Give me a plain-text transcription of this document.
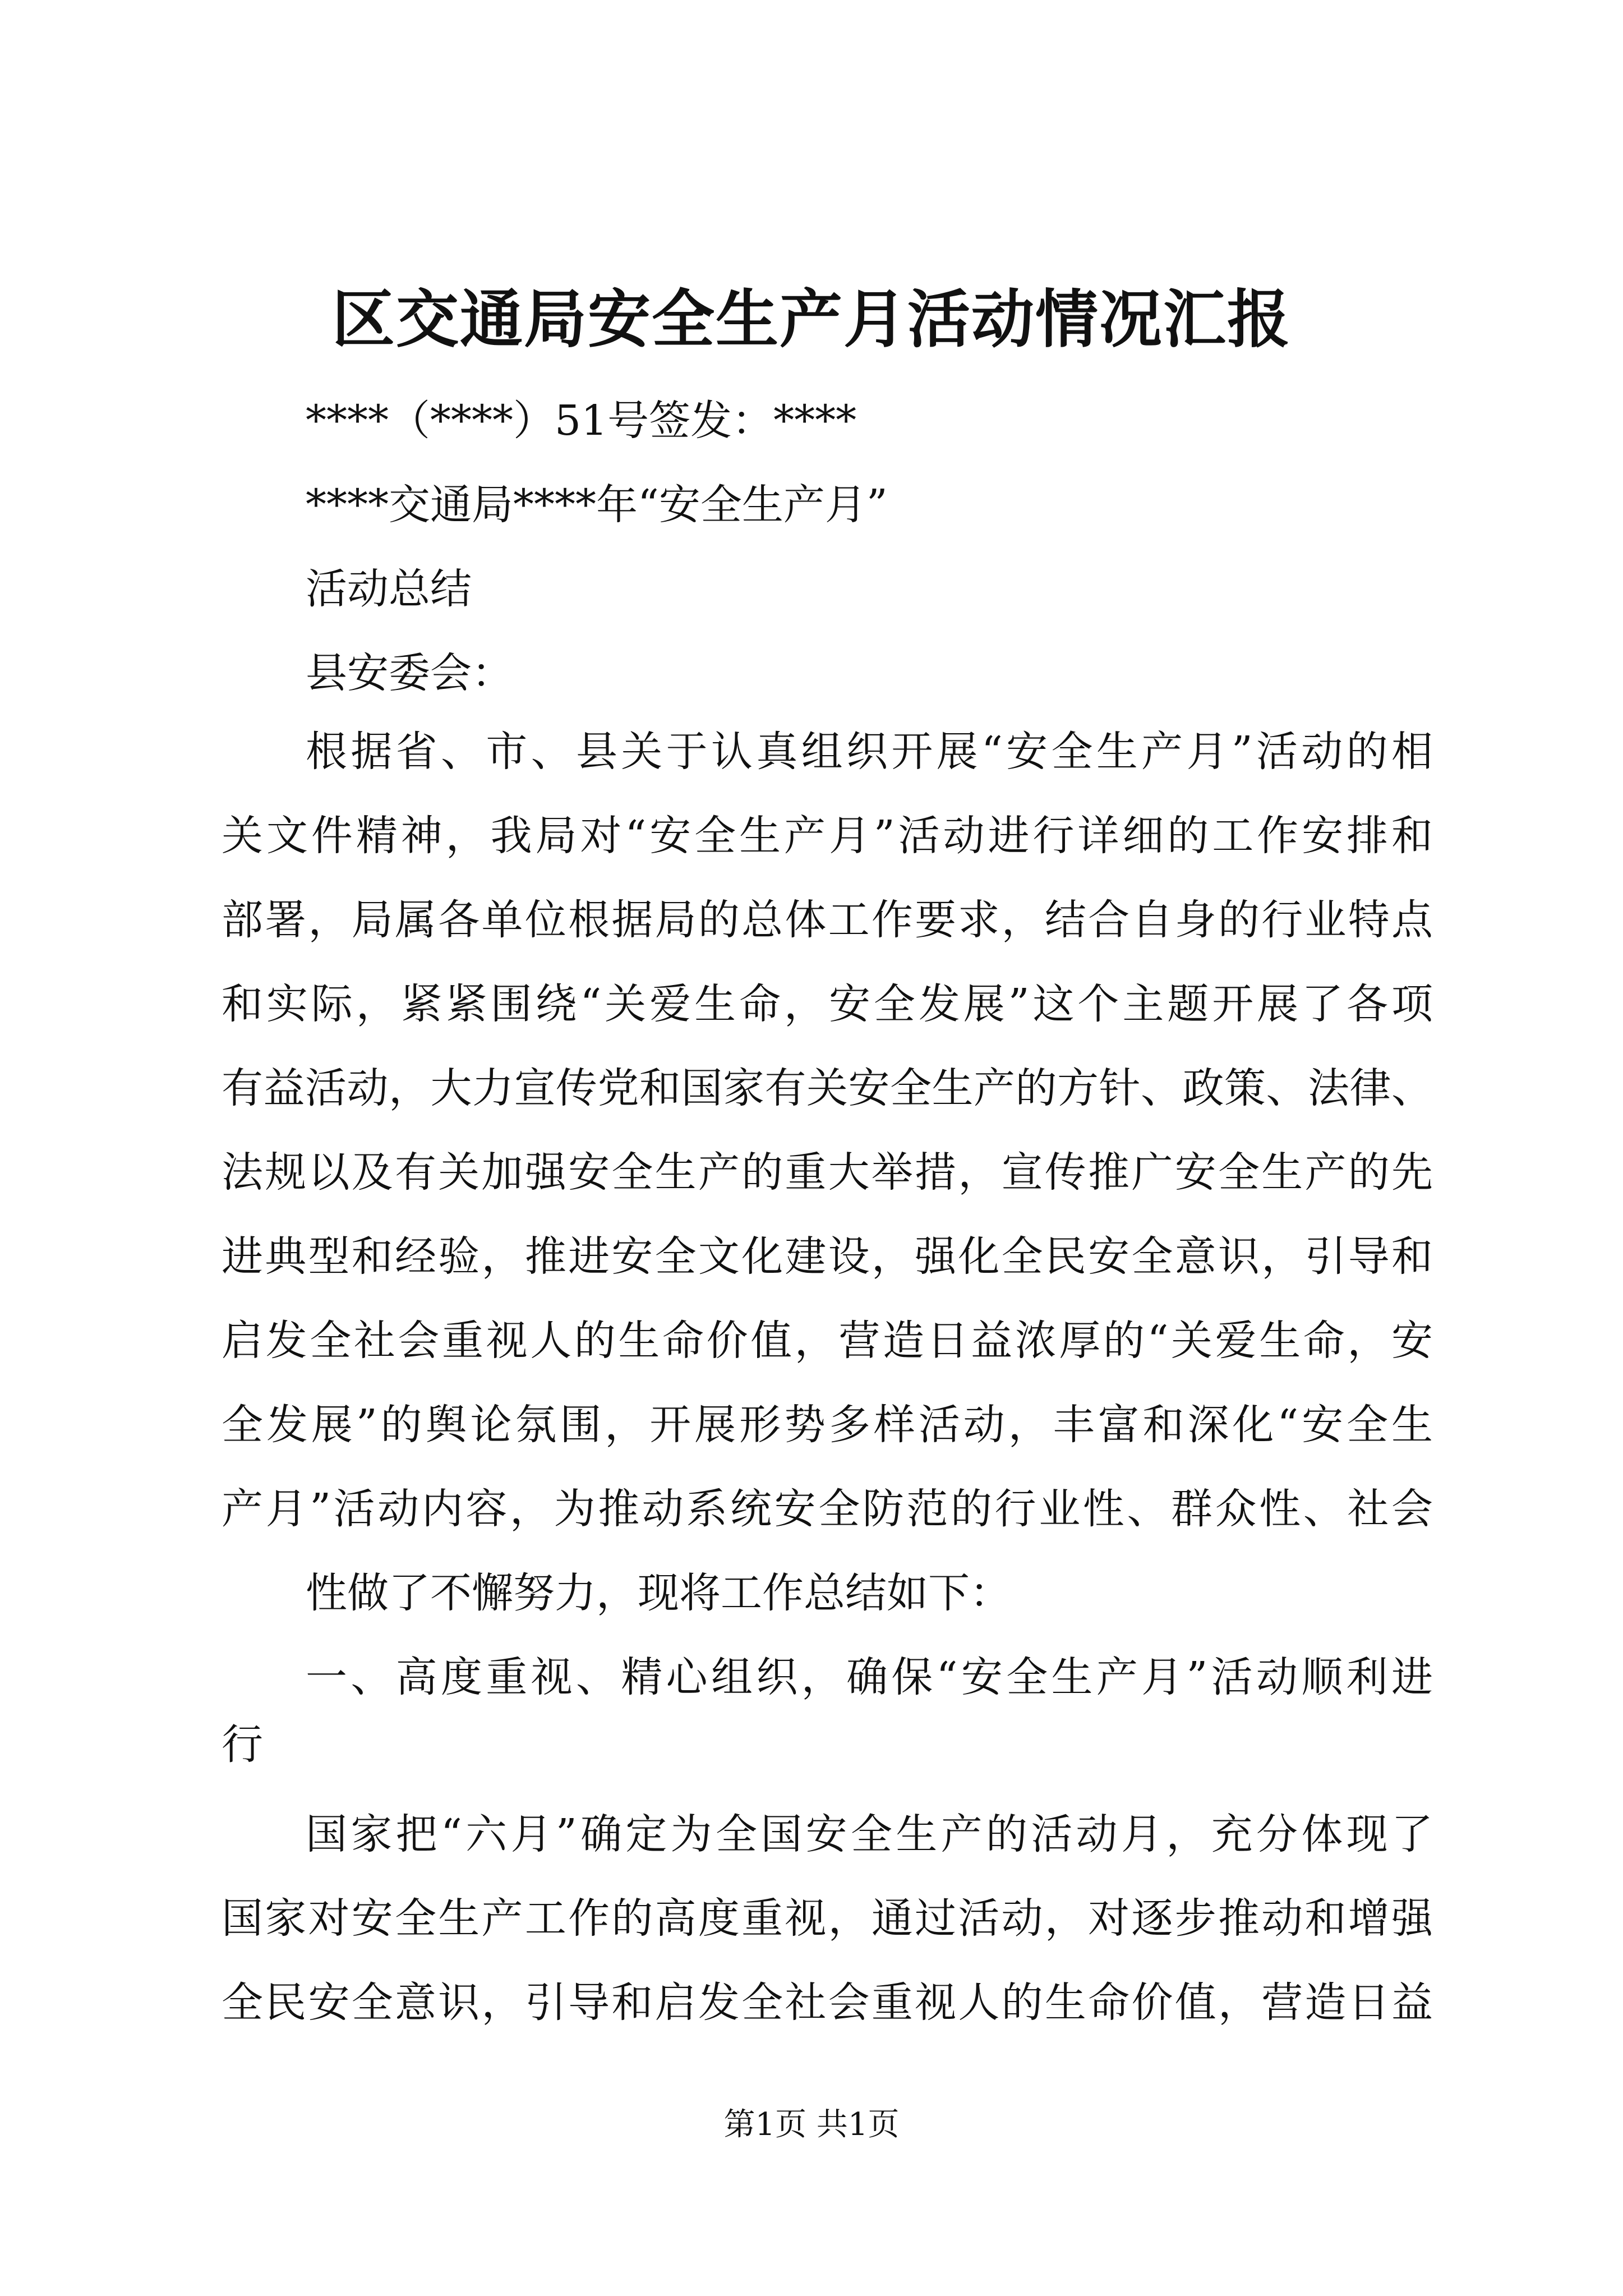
区交通局安全生产月活动情况汇报
****（****）51号签发：****
****交通局****年“安全生产月”
活动总结
县安委会：
根据省、市、县关于认真组织开展“安全生产月”活动的相
关文件精神，我局对“安全生产月”活动进行详细的工作安排和
部署，局属各单位根据局的总体工作要求，结合自身的行业特点
和实际，紧紧围绕“关爱生命，安全发展”这个主题开展了各项
有益活动，大力宣传党和国家有关安全生产的方针、政策、法律、
法规以及有关加强安全生产的重大举措，宣传推广安全生产的先
进典型和经验，推进安全文化建设，强化全民安全意识，引导和
启发全社会重视人的生命价值，营造日益浓厚的“关爱生命，安
全发展”的舆论氛围，开展形势多样活动，丰富和深化“安全生
产月”活动内容，为推动系统安全防范的行业性、群众性、社会
性做了不懈努力，现将工作总结如下：
一、高度重视、精心组织，确保“安全生产月”活动顺利进
行
国家把“六月”确定为全国安全生产的活动月，充分体现了
国家对安全生产工作的高度重视，通过活动，对逐步推动和增强
全民安全意识，引导和启发全社会重视人的生命价值，营造日益
第1页 共1页
